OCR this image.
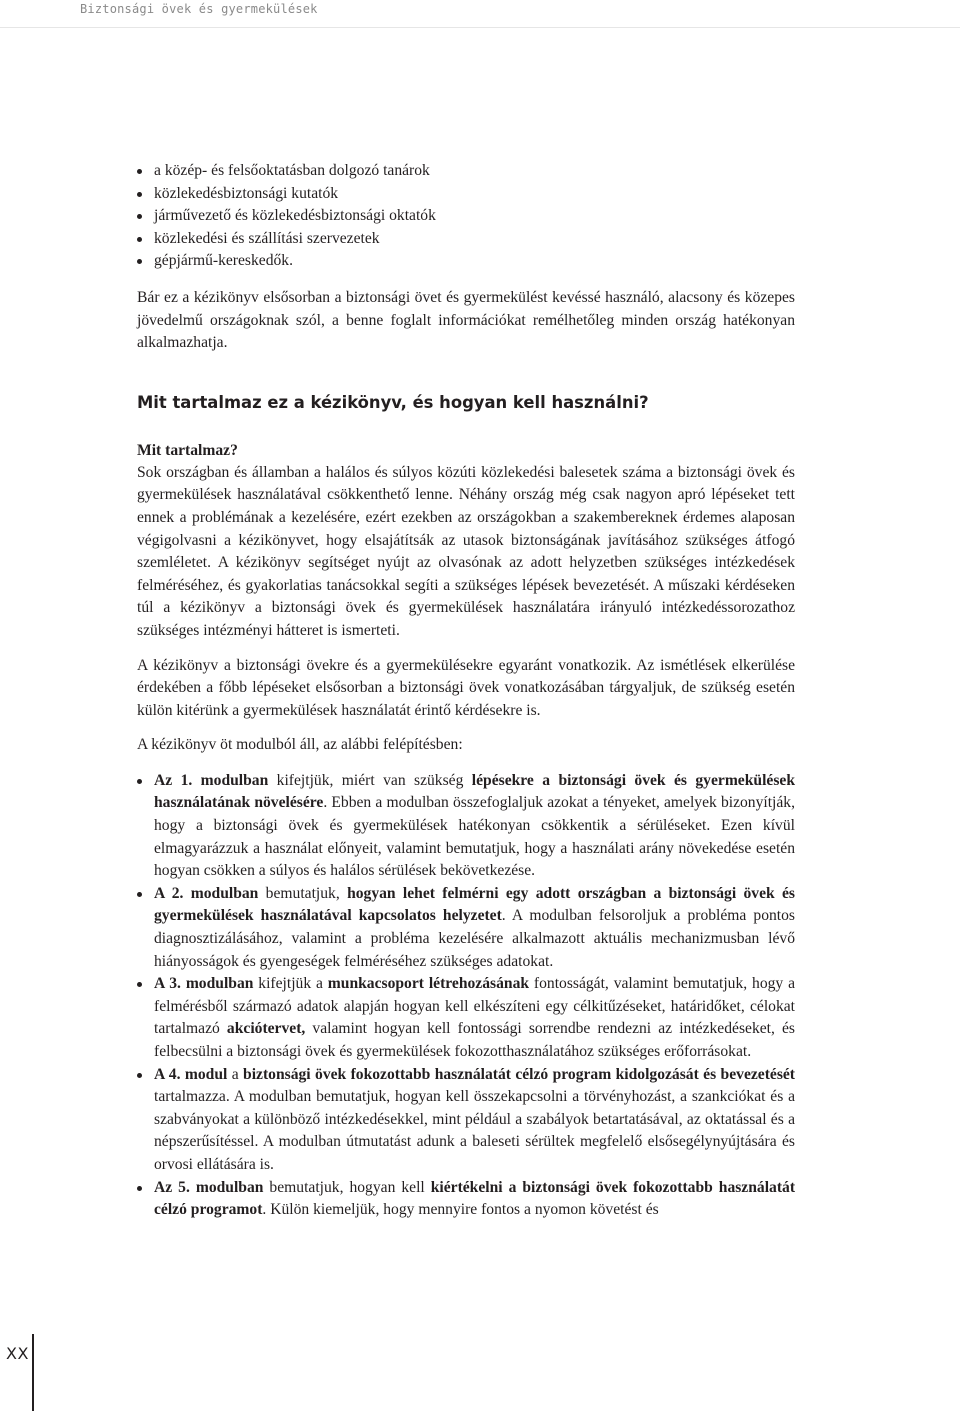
Biztonsági övek és gyermekülések
a közép- és felsőoktatásban dolgozó tanárok
közlekedésbiztonsági kutatók
járművezető és közlekedésbiztonsági oktatók
közlekedési és szállítási szervezetek
gépjármű-kereskedők.

Bár ez a kézikönyv elsősorban a biztonsági övet és gyermekülést kevéssé használó, alacsony és közepes jövedelmű országoknak szól, a benne foglalt információkat remélhetőleg minden ország hatékonyan alkalmazhatja.

Mit tartalmaz ez a kézikönyv, és hogyan kell használni?
Mit tartalmaz?

Sok országban és államban a halálos és súlyos közúti közlekedési balesetek száma a biztonsági övek és gyermekülések használatával csökkenthető lenne. Néhány ország még csak nagyon apró lépéseket tett ennek a problémának a kezelésére, ezért ezekben az országokban a szakembereknek érdemes alaposan végigolvasni a kézikönyvet, hogy elsajátítsák az utasok biztonságának javításához szükséges átfogó szemléletet. A kézikönyv segítséget nyújt az olvasónak az adott helyzetben szükséges intézkedések felméréséhez, és gyakorlatias tanácsokkal segíti a szükséges lépések bevezetését. A műszaki kérdéseken túl a kézikönyv a biztonsági övek és gyermekülések használatára irányuló intézkedéssorozathoz szükséges intézményi hátteret is ismerteti.

A kézikönyv a biztonsági övekre és a gyermekülésekre egyaránt vonatkozik. Az ismétlések elkerülése érdekében a főbb lépéseket elsősorban a biztonsági övek vonatkozásában tárgyaljuk, de szükség esetén külön kitérünk a gyermekülések használatát érintő kérdésekre is.

A kézikönyv öt modulból áll, az alábbi felépítésben:

Az 1. modulban kifejtjük, miért van szükség lépésekre a biztonsági övek és gyermekülések használatának növelésére. Ebben a modulban összefoglaljuk azokat a tényeket, amelyek bizonyítják, hogy a biztonsági övek és gyermekülések hatékonyan csökkentik a sérüléseket. Ezen kívül elmagyarázzuk a használat előnyeit, valamint bemutatjuk, hogy a használati arány növekedése esetén hogyan csökken a súlyos és halálos sérülések bekövetkezése.
A 2. modulban bemutatjuk, hogyan lehet felmérni egy adott országban a biztonsági övek és gyermekülések használatával kapcsolatos helyzetet. A modulban felsoroljuk a probléma pontos diagnosztizálásához, valamint a probléma kezelésére alkalmazott aktuális mechanizmusban lévő hiányosságok és gyengeségek felméréséhez szükséges adatokat.
A 3. modulban kifejtjük a munkacsoport létrehozásának fontosságát, valamint bemutatjuk, hogy a felmérésből származó adatok alapján hogyan kell elkészíteni egy célkitűzéseket, határidőket, célokat tartalmazó akciótervet, valamint hogyan kell fontossági sorrendbe rendezni az intézkedéseket, és felbecsülni a biztonsági övek és gyermekülések fokozotthasználatához szükséges erőforrásokat.
A 4. modul a biztonsági övek fokozottabb használatát célzó program kidolgozását és bevezetését tartalmazza. A modulban bemutatjuk, hogyan kell összekapcsolni a törvényhozást, a szankciókat és a szabványokat a különböző intézkedésekkel, mint például a szabályok betartatásával, az oktatással és a népszerűsítéssel. A modulban útmutatást adunk a baleseti sérültek megfelelő elsősegélynyújtására és orvosi ellátására is.
Az 5. modulban bemutatjuk, hogyan kell kiértékelni a biztonsági övek fokozottabb használatát célzó programot. Külön kiemeljük, hogy mennyire fontos a nyomon követést és
XX
